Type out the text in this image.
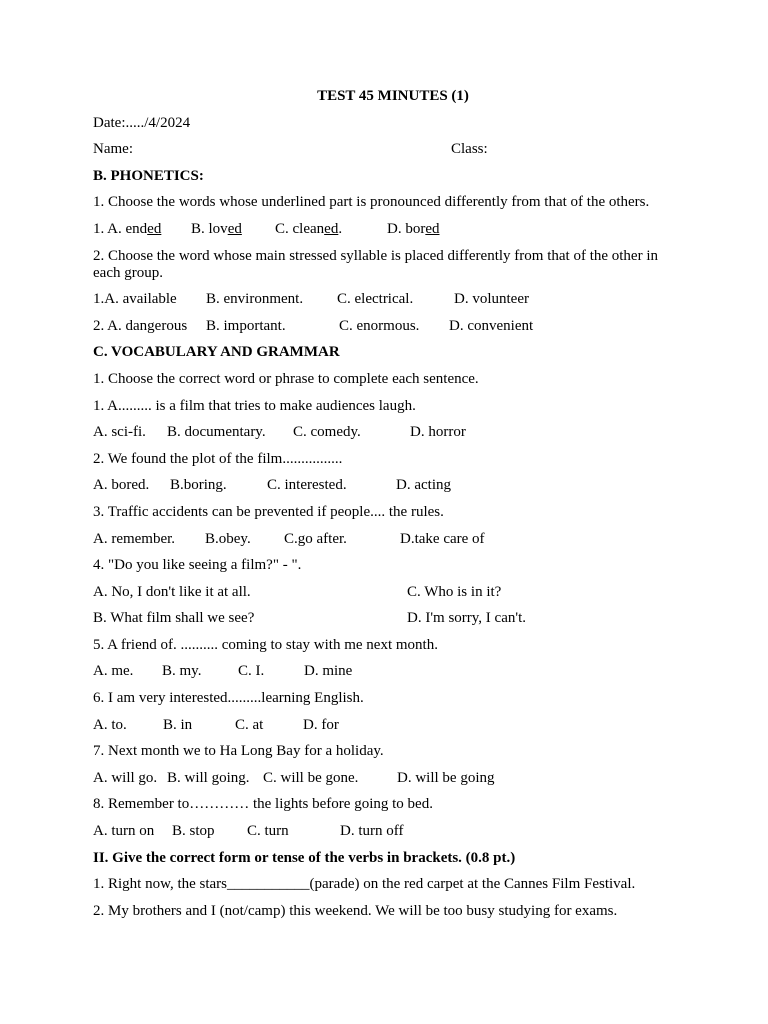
TEST 45 MINUTES (1)
Date:...../4/2024
Name:	Class:
B. PHONETICS:
1. Choose the words whose underlined part is pronounced differently from that of the others.
1. A. ended	B. loved	C. cleaned.	D. bored
2. Choose the word whose main stressed syllable is placed differently from that of the other in each group.
1.A. available	B. environment.	C. electrical.	D. volunteer
2. A. dangerous	B. important.	C. enormous.	D. convenient
C. VOCABULARY AND GRAMMAR
1. Choose the correct word or phrase to complete each sentence.
1. A......... is a film that tries to make audiences laugh.
A. sci-fi.	B. documentary.	C. comedy.	D. horror
2. We found the plot of the film................
A. bored.	B.boring.	C. interested.	D. acting
3. Traffic accidents can be prevented if people.... the rules.
A. remember.	B.obey.	C.go after.	D.take care of
4. "Do you like seeing a film?" - ".
A. No, I don't like it at all.	C. Who is in it?
B. What film shall we see?	D. I'm sorry, I can't.
5. A friend of. .......... coming to stay with me next month.
A. me.	B. my.	C. I.	D. mine
6. I am very interested.........learning English.
A. to.	B. in	C. at	D. for
7. Next month we to Ha Long Bay for a holiday.
A. will go. B. will going. C. will be gone.	D. will be going
8. Remember to………… the lights before going to bed.
A. turn on	B. stop	C. turn	D. turn off
II. Give the correct form or tense of the verbs in brackets. (0.8 pt.)
1. Right now, the stars___________(parade) on the red carpet at the Cannes Film Festival.
2. My brothers and I (not/camp) this weekend. We will be too busy studying for exams.
